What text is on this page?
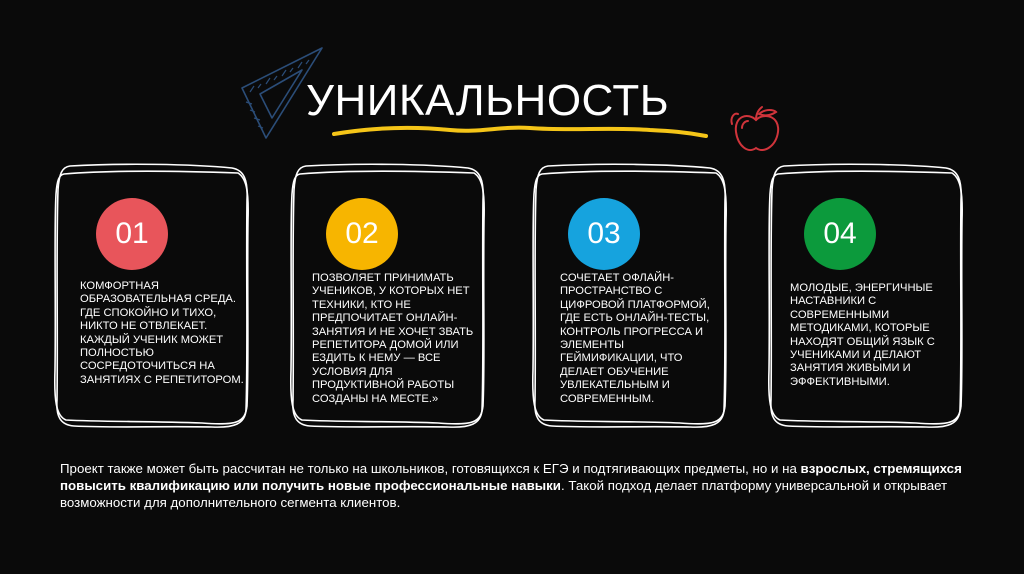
УНИКАЛЬНОСТЬ
01
КОМФОРТНАЯ ОБРАЗОВАТЕЛЬНАЯ СРЕДА. ГДЕ СПОКОЙНО И ТИХО, НИКТО НЕ ОТВЛЕКАЕТ. КАЖДЫЙ УЧЕНИК МОЖЕТ ПОЛНОСТЬЮ СОСРЕДОТОЧИТЬСЯ НА ЗАНЯТИЯХ С РЕПЕТИТОРОМ.
02
ПОЗВОЛЯЕТ ПРИНИМАТЬ УЧЕНИКОВ, У КОТОРЫХ НЕТ ТЕХНИКИ, КТО НЕ ПРЕДПОЧИТАЕТ ОНЛАЙН-ЗАНЯТИЯ И НЕ ХОЧЕТ ЗВАТЬ РЕПЕТИТОРА ДОМОЙ ИЛИ ЕЗДИТЬ К НЕМУ — ВСЕ УСЛОВИЯ ДЛЯ ПРОДУКТИВНОЙ РАБОТЫ СОЗДАНЫ НА МЕСТЕ.»
03
СОЧЕТАЕТ ОФЛАЙН-ПРОСТРАНСТВО С ЦИФРОВОЙ ПЛАТФОРМОЙ, ГДЕ ЕСТЬ ОНЛАЙН-ТЕСТЫ, КОНТРОЛЬ ПРОГРЕССА И ЭЛЕМЕНТЫ ГЕЙМИФИКАЦИИ, ЧТО ДЕЛАЕТ ОБУЧЕНИЕ УВЛЕКАТЕЛЬНЫМ И СОВРЕМЕННЫМ.
04
МОЛОДЫЕ, ЭНЕРГИЧНЫЕ НАСТАВНИКИ С СОВРЕМЕННЫМИ МЕТОДИКАМИ, КОТОРЫЕ НАХОДЯТ ОБЩИЙ ЯЗЫК С УЧЕНИКАМИ И ДЕЛАЮТ ЗАНЯТИЯ ЖИВЫМИ И ЭФФЕКТИВНЫМИ.
Проект также может быть рассчитан не только на школьников, готовящихся к ЕГЭ и подтягивающих предметы, но и на взрослых, стремящихся повысить квалификацию или получить новые профессиональные навыки. Такой подход делает платформу универсальной и открывает возможности для дополнительного сегмента клиентов.
